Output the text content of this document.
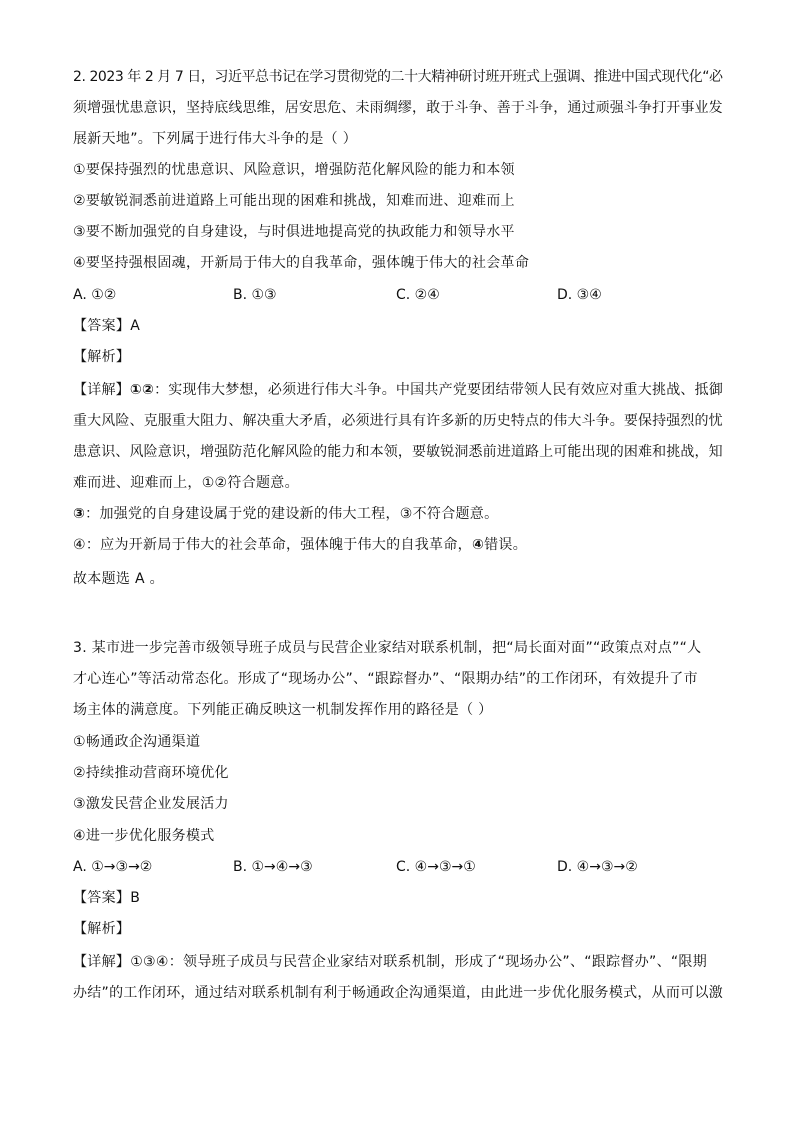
2. 2023 年 2 月 7 日，习近平总书记在学习贯彻党的二十大精神研讨班开班式上强调、推进中国式现代化“必
须增强忧患意识，坚持底线思维，居安思危、未雨绸缪，敢于斗争、善于斗争，通过顽强斗争打开事业发
展新天地”。下列属于进行伟大斗争的是（ ）
①要保持强烈的忧患意识、风险意识，增强防范化解风险的能力和本领
②要敏锐洞悉前进道路上可能出现的困难和挑战，知难而进、迎难而上
③要不断加强党的自身建设，与时俱进地提高党的执政能力和领导水平
④要坚持强根固魂，开新局于伟大的自我革命，强体魄于伟大的社会革命
A. ①②	B. ①③	C. ②④	D. ③④
【答案】A
【解析】
【详解】①②：实现伟大梦想，必须进行伟大斗争。中国共产党要团结带领人民有效应对重大挑战、抵御
重大风险、克服重大阻力、解决重大矛盾，必须进行具有许多新的历史特点的伟大斗争。要保持强烈的忧
患意识、风险意识，增强防范化解风险的能力和本领，要敏锐洞悉前进道路上可能出现的困难和挑战，知
难而进、迎难而上，①②符合题意。
③：加强党的自身建设属于党的建设新的伟大工程，③不符合题意。
④：应为开新局于伟大的社会革命，强体魄于伟大的自我革命，④错误。
故本题选 A 。
3. 某市进一步完善市级领导班子成员与民营企业家结对联系机制，把“局长面对面”“政策点对点”“人
才心连心”等活动常态化。形成了“现场办公”、“跟踪督办”、“限期办结”的工作闭环，有效提升了市
场主体的满意度。下列能正确反映这一机制发挥作用的路径是（ ）
①畅通政企沟通渠道
②持续推动营商环境优化
③激发民营企业发展活力
④进一步优化服务模式
A. ①→③→②	B. ①→④→③	C. ④→③→①	D. ④→③→②
【答案】B
【解析】
【详解】①③④：领导班子成员与民营企业家结对联系机制，形成了“现场办公”、“跟踪督办”、“限期
办结”的工作闭环，通过结对联系机制有利于畅通政企沟通渠道，由此进一步优化服务模式，从而可以激
